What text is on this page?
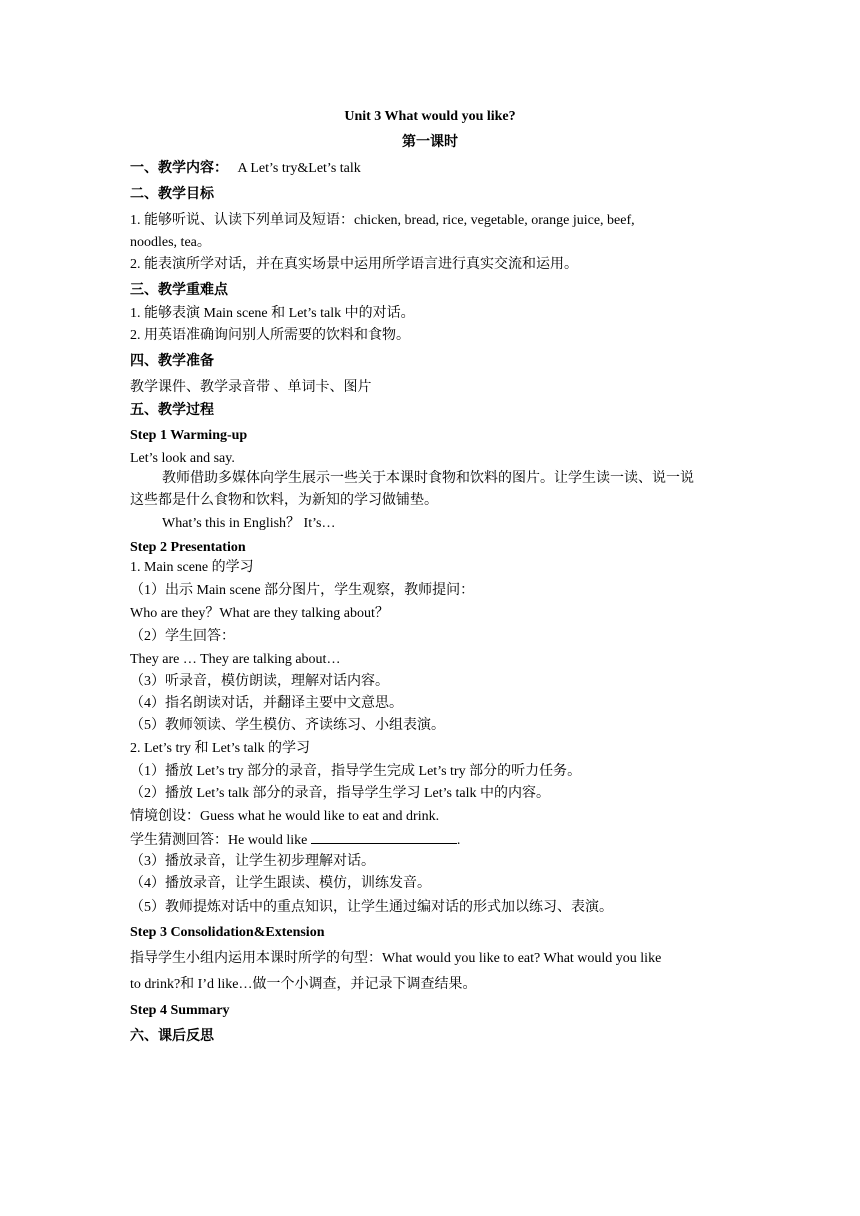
Unit 3 What would you like?
第一课时
一、教学内容： A Let’s try&Let’s talk
二、教学目标
1. 能够听说、认读下列单词及短语：chicken, bread, rice, vegetable, orange juice, beef,
noodles, tea。
2. 能表演所学对话，并在真实场景中运用所学语言进行真实交流和运用。
三、教学重难点
1. 能够表演 Main scene 和 Let’s talk 中的对话。
2. 用英语准确询问别人所需要的饮料和食物。
四、教学准备
教学课件、教学录音带 、单词卡、图片
五、教学过程
Step 1 Warming-up
Let’s look and say.
教师借助多媒体向学生展示一些关于本课时食物和饮料的图片。让学生读一读、说一说
这些都是什么食物和饮料，为新知的学习做铺垫。
What’s this in English？ It’s…
Step 2 Presentation
1. Main scene 的学习
（1）出示 Main scene 部分图片，学生观察，教师提问：
Who are they？What are they talking about？
（2）学生回答：
They are … They are talking about…
（3）听录音，模仿朗读，理解对话内容。
（4）指名朗读对话，并翻译主要中文意思。
（5）教师领读、学生模仿、齐读练习、小组表演。
2. Let’s try 和 Let’s talk 的学习
（1）播放 Let’s try 部分的录音，指导学生完成 Let’s try 部分的听力任务。
（2）播放 Let’s talk 部分的录音，指导学生学习 Let’s talk 中的内容。
情境创设：Guess what he would like to eat and drink.
学生猜测回答：He would like	.
（3）播放录音，让学生初步理解对话。
（4）播放录音，让学生跟读、模仿，训练发音。
（5）教师提炼对话中的重点知识，让学生通过编对话的形式加以练习、表演。
Step 3 Consolidation&Extension
指导学生小组内运用本课时所学的句型：What would you like to eat? What would you like
to drink?和 I’d like…做一个小调查，并记录下调查结果。
Step 4 Summary
六、课后反思
